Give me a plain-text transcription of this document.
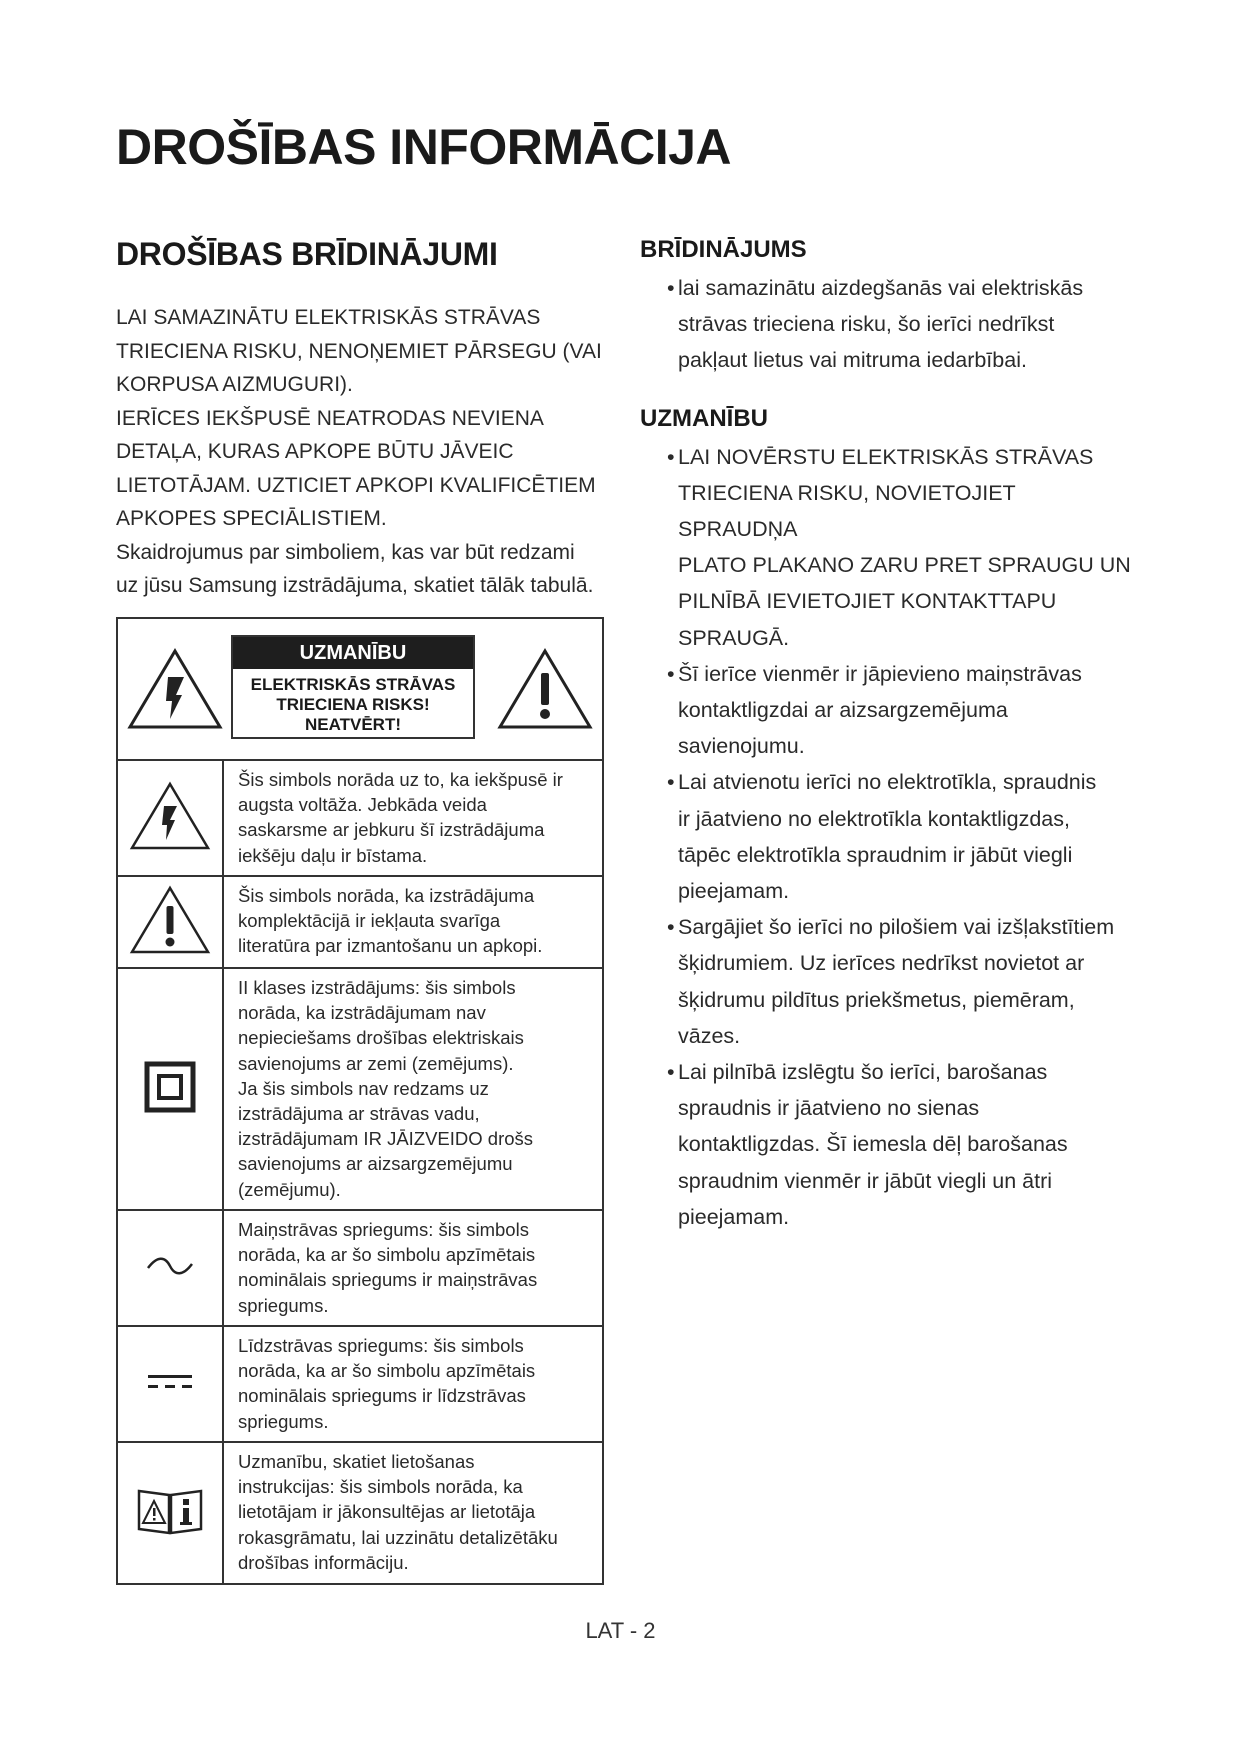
DROŠĪBAS INFORMĀCIJA
DROŠĪBAS BRĪDINĀJUMI
LAI SAMAZINĀTU ELEKTRISKĀS STRĀVAS
TRIECIENA RISKU, NENOŅEMIET PĀRSEGU (VAI
KORPUSA AIZMUGURI).
IERĪCES IEKŠPUSĒ NEATRODAS NEVIENA
DETAĻA, KURAS APKOPE BŪTU JĀVEIC
LIETOTĀJAM. UZTICIET APKOPI KVALIFICĒTIEM
APKOPES SPECIĀLISTIEM.
Skaidrojumus par simboliem, kas var būt redzami
uz jūsu Samsung izstrādājuma, skatiet tālāk tabulā.
UZMANĪBU
ELEKTRISKĀS STRĀVAS
TRIECIENA RISKS!
NEATVĒRT!
Šis simbols norāda uz to, ka iekšpusē ir
augsta voltāža. Jebkāda veida
saskarsme ar jebkuru šī izstrādājuma
iekšēju daļu ir bīstama.
Šis simbols norāda, ka izstrādājuma
komplektācijā ir iekļauta svarīga
literatūra par izmantošanu un apkopi.
II klases izstrādājums: šis simbols
norāda, ka izstrādājumam nav
nepieciešams drošības elektriskais
savienojums ar zemi (zemējums).
Ja šis simbols nav redzams uz
izstrādājuma ar strāvas vadu,
izstrādājumam IR JĀIZVEIDO drošs
savienojums ar aizsargzemējumu
(zemējumu).
Maiņstrāvas spriegums: šis simbols
norāda, ka ar šo simbolu apzīmētais
nominālais spriegums ir maiņstrāvas
spriegums.
Līdzstrāvas spriegums: šis simbols
norāda, ka ar šo simbolu apzīmētais
nominālais spriegums ir līdzstrāvas
spriegums.
Uzmanību, skatiet lietošanas
instrukcijas: šis simbols norāda, ka
lietotājam ir jākonsultējas ar lietotāja
rokasgrāmatu, lai uzzinātu detalizētāku
drošības informāciju.
BRĪDINĀJUMS
• lai samazinātu aizdegšanās vai elektriskās
strāvas trieciena risku, šo ierīci nedrīkst
pakļaut lietus vai mitruma iedarbībai.
UZMANĪBU
• LAI NOVĒRSTU ELEKTRISKĀS STRĀVAS
TRIECIENA RISKU, NOVIETOJIET SPRAUDŅA
PLATO PLAKANO ZARU PRET SPRAUGU UN
PILNĪBĀ IEVIETOJIET KONTAKTTAPU
SPRAUGĀ.
• Šī ierīce vienmēr ir jāpievieno maiņstrāvas
kontaktligzdai ar aizsargzemējuma
savienojumu.
• Lai atvienotu ierīci no elektrotīkla, spraudnis
ir jāatvieno no elektrotīkla kontaktligzdas,
tāpēc elektrotīkla spraudnim ir jābūt viegli
pieejamam.
• Sargājiet šo ierīci no pilošiem vai izšļakstītiem
šķidrumiem. Uz ierīces nedrīkst novietot ar
šķidrumu pildītus priekšmetus, piemēram,
vāzes.
• Lai pilnībā izslēgtu šo ierīci, barošanas
spraudnis ir jāatvieno no sienas
kontaktligzdas. Šī iemesla dēļ barošanas
spraudnim vienmēr ir jābūt viegli un ātri
pieejamam.
LAT - 2
